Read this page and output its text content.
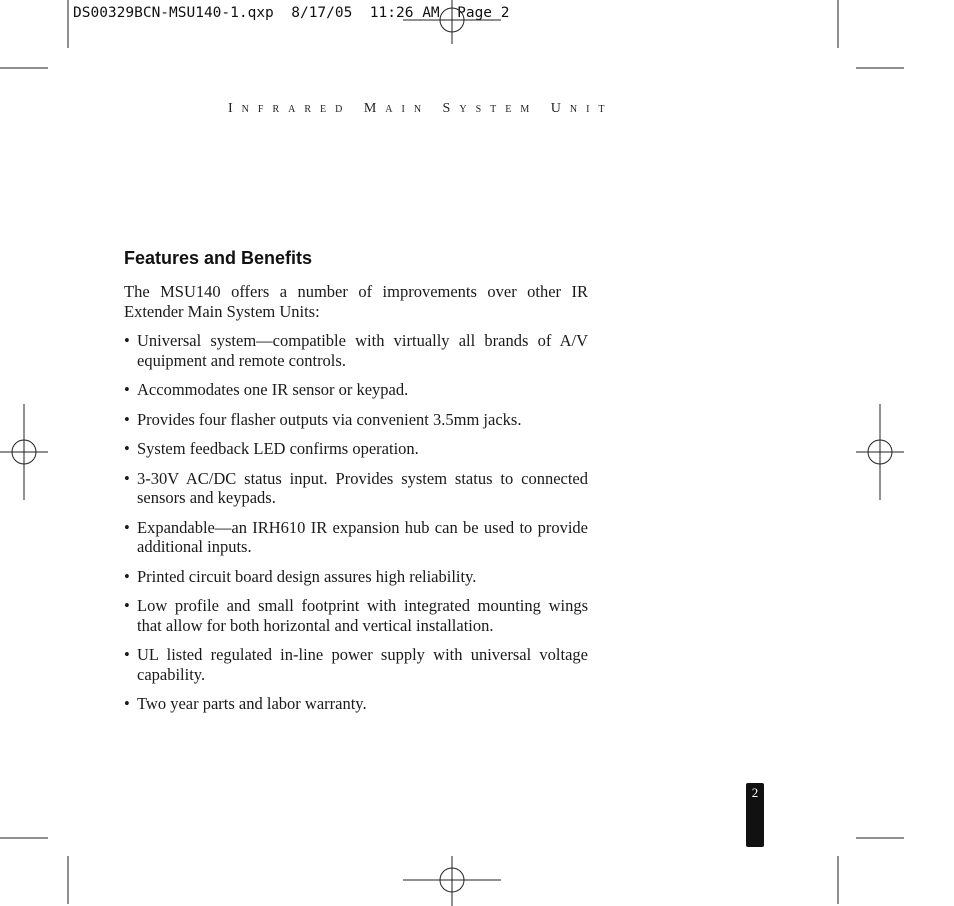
DS00329BCN-MSU140-1.qxp  8/17/05  11:26 AM  Page 2
Infrared Main System Unit
Features and Benefits

The MSU140 offers a number of improvements over other IR Extender Main System Units:

• Universal system—compatible with virtually all brands of A/V equipment and remote controls.
• Accommodates one IR sensor or keypad.
• Provides four flasher outputs via convenient 3.5mm jacks.
• System feedback LED confirms operation.
• 3-30V AC/DC status input. Provides system status to connected sensors and keypads.
• Expandable—an IRH610 IR expansion hub can be used to provide additional inputs.
• Printed circuit board design assures high reliability.
• Low profile and small footprint with integrated mounting wings that allow for both horizontal and vertical installation.
• UL listed regulated in-line power supply with universal voltage capability.
• Two year parts and labor warranty.
2
